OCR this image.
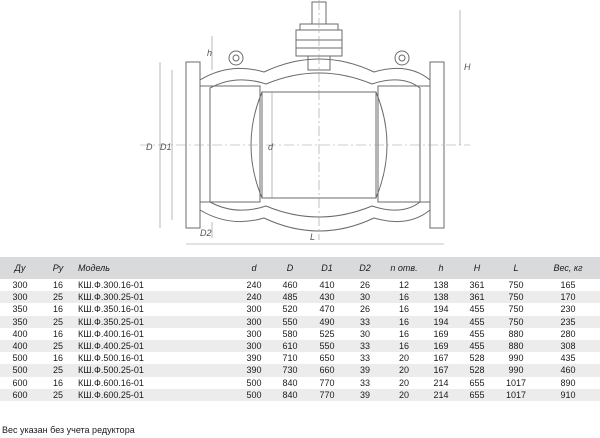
h
H
D D1	d
D2	L
Ду	Ру	Модель	d	D	D1	D2	n отв.	h	H	L	Вес, кг
300	16	КШ.Ф.300.16-01	240	460	410	26	12	138	361	750	165
300	25	КШ.Ф.300.25-01	240	485	430	30	16	138	361	750	170
350	16	КШ.Ф.350.16-01	300	520	470	26	16	194	455	750	230
350	25	КШ.Ф.350.25-01	300	550	490	33	16	194	455	750	235
400	16	КШ.Ф.400.16-01	300	580	525	30	16	169	455	880	280
400	25	КШ.Ф.400.25-01	300	610	550	33	16	169	455	880	308
500	16	КШ.Ф.500.16-01	390	710	650	33	20	167	528	990	435
500	25	КШ.Ф.500.25-01	390	730	660	39	20	167	528	990	460
600	16	КШ.Ф.600.16-01	500	840	770	33	20	214	655	1017	890
600	25	КШ.Ф.600.25-01	500	840	770	39	20	214	655	1017	910
Вес указан без учета редуктора
